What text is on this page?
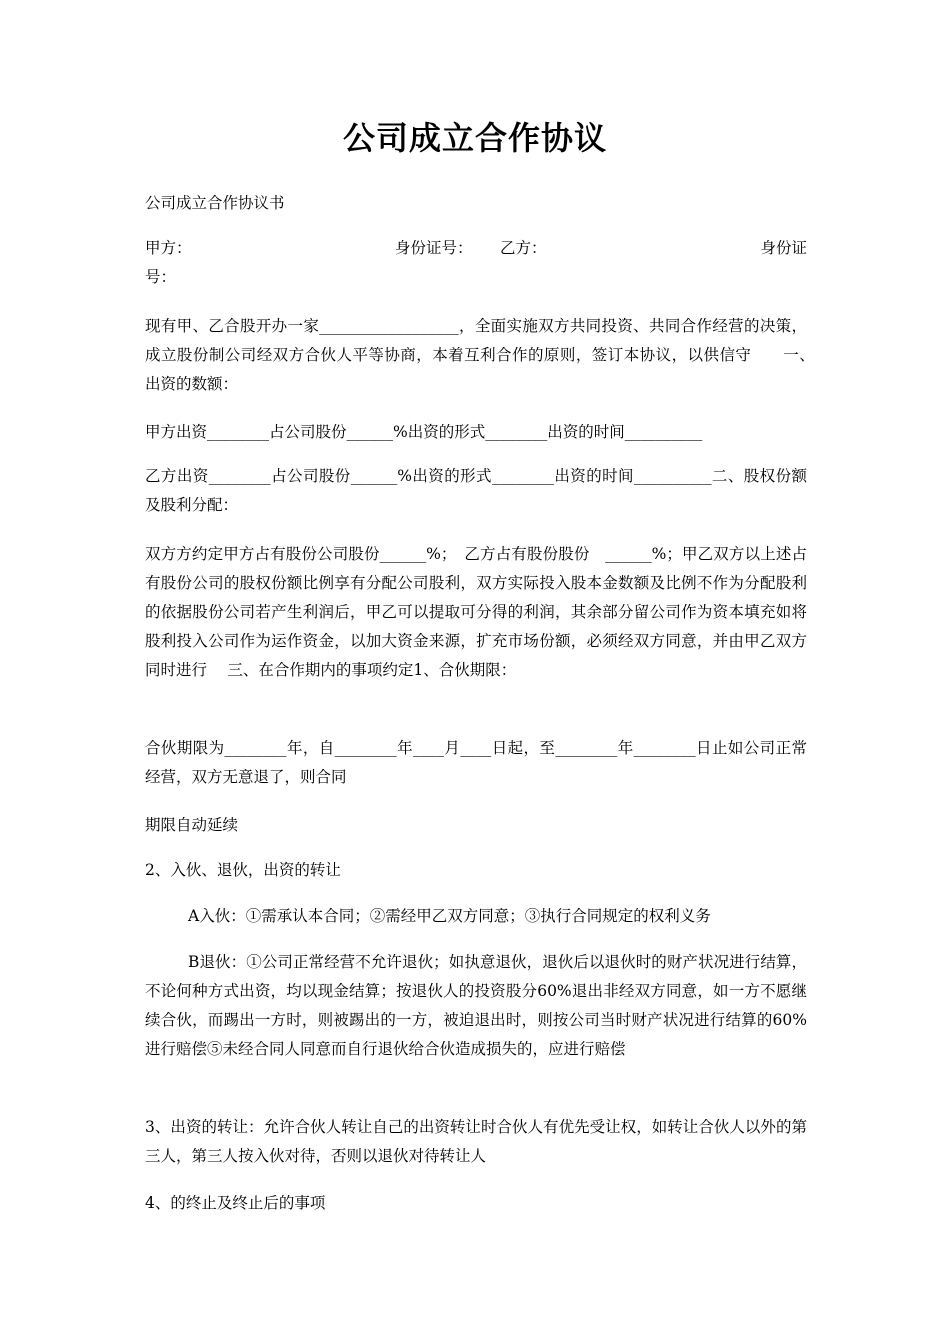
公司成立合作协议

公司成立合作协议书

甲方：	身份证号：	乙方：	身份证
号：

现有甲、乙合股开办一家__________________，全面实施双方共同投资、共同合作经营的决策，成立股份制公司经双方合伙人平等协商，本着互利合作的原则，签订本协议，以供信守　　一、　出资的数额：

甲方出资________占公司股份______%出资的形式________出资的时间__________

乙方出资________占公司股份______%出资的形式________出资的时间__________二、股权份额及股利分配：

双方方约定甲方占有股份公司股份______%；　乙方占有股份股份　______%；甲乙双方以上述占有股份公司的股权份额比例享有分配公司股利，双方实际投入股本金数额及比例不作为分配股利的依据股份公司若产生利润后，甲乙可以提取可分得的利润，其余部分留公司作为资本填充如将股利投入公司作为运作资金，以加大资金来源，扩充市场份额，必须经双方同意，并由甲乙双方同时进行　 三、在合作期内的事项约定1、合伙期限：

合伙期限为________年，自________年____月____日起，至________年________日止如公司正常经营，双方无意退了，则合同

期限自动延续

2、入伙、退伙，出资的转让

A入伙：①需承认本合同；②需经甲乙双方同意；③执行合同规定的权利义务

B退伙：①公司正常经营不允许退伙；如执意退伙，退伙后以退伙时的财产状况进行结算，不论何种方式出资，均以现金结算；按退伙人的投资股分60%退出非经双方同意，如一方不愿继续合伙，而踢出一方时，则被踢出的一方，被迫退出时，则按公司当时财产状况进行结算的60%进行赔偿⑤未经合同人同意而自行退伙给合伙造成损失的，应进行赔偿

3、出资的转让：允许合伙人转让自己的出资转让时合伙人有优先受让权，如转让合伙人以外的第三人，第三人按入伙对待，否则以退伙对待转让人

4、的终止及终止后的事项
